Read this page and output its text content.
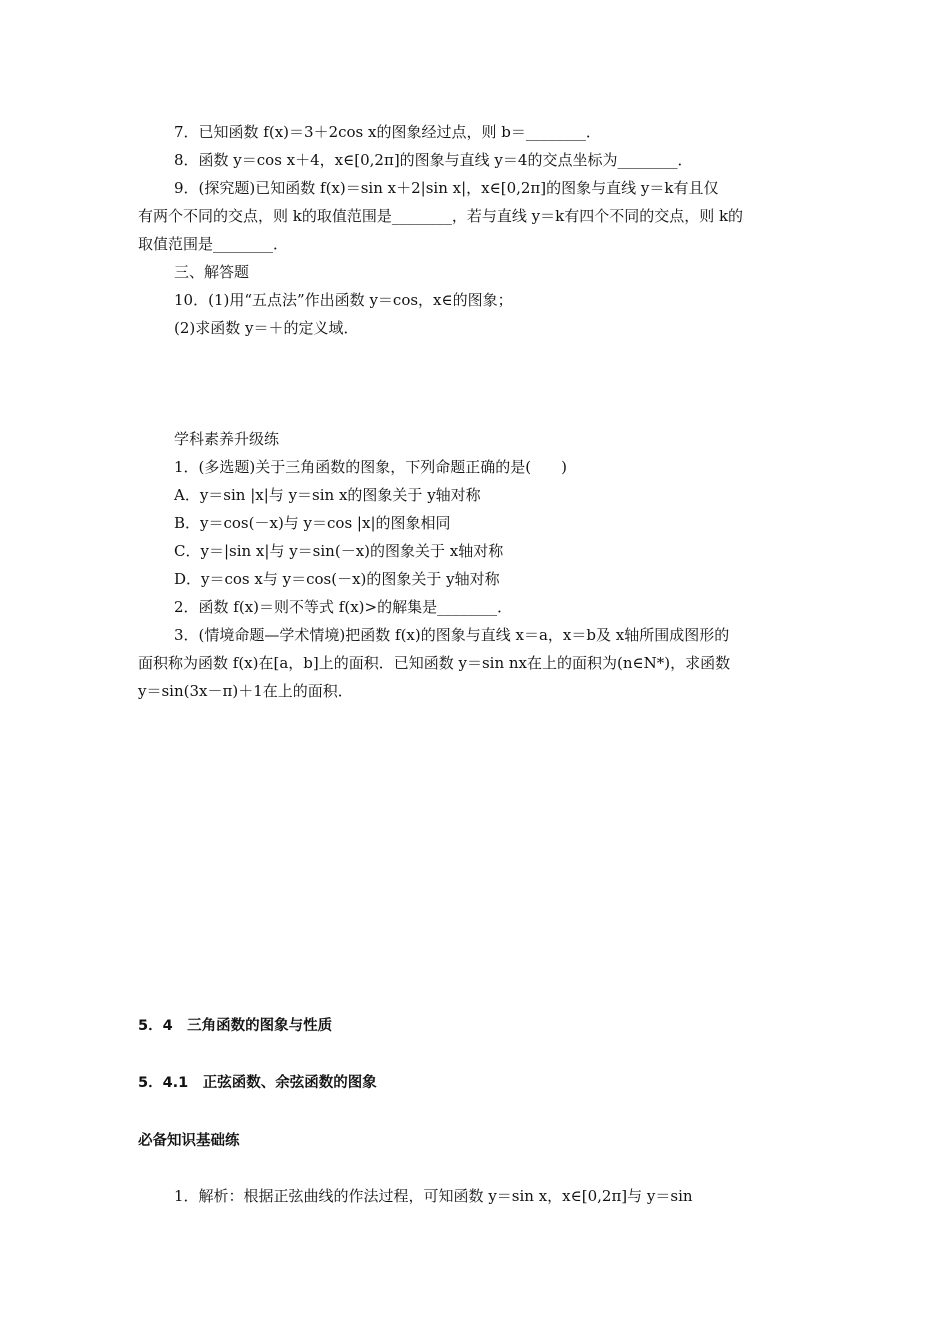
7．已知函数 f(x)＝3＋2cos x的图象经过点，则 b＝________．
8．函数 y＝cos x＋4，x∈[0,2π]的图象与直线 y＝4的交点坐标为________．
9．(探究题)已知函数 f(x)＝sin x＋2|sin x|，x∈[0,2π]的图象与直线 y＝k有且仅
有两个不同的交点，则 k的取值范围是________，若与直线 y＝k有四个不同的交点，则 k的
取值范围是________．
三、解答题
10．(1)用“五点法”作出函数 y＝cos，x∈的图象；
(2)求函数 y＝＋的定义域．
学科素养升级练
1．(多选题)关于三角函数的图象，下列命题正确的是(　　)
A．y＝sin |x|与 y＝sin x的图象关于 y轴对称
B．y＝cos(－x)与 y＝cos |x|的图象相同
C．y＝|sin x|与 y＝sin(－x)的图象关于 x轴对称
D．y＝cos x与 y＝cos(－x)的图象关于 y轴对称
2．函数 f(x)＝则不等式 f(x)>的解集是________．
3．(情境命题—学术情境)把函数 f(x)的图象与直线 x＝a，x＝b及 x轴所围成图形的
面积称为函数 f(x)在[a，b]上的面积．已知函数 y＝sin nx在上的面积为(n∈N*)，求函数
y＝sin(3x－π)＋1在上的面积．
5．4　三角函数的图象与性质
5．4.1　正弦函数、余弦函数的图象
必备知识基础练
1．解析：根据正弦曲线的作法过程，可知函数 y＝sin x，x∈[0,2π]与 y＝sin
